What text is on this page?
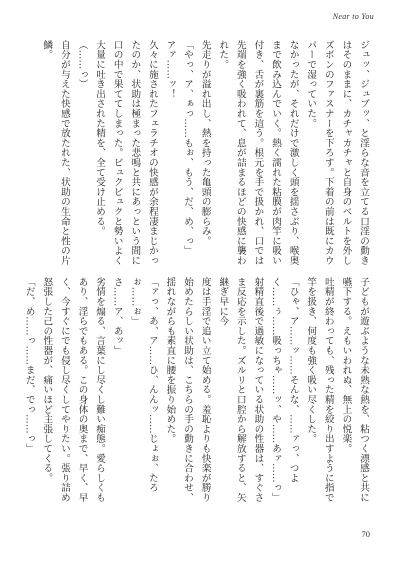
Near to You

ジュッ、ジュブッ、と淫らな音を立てる口淫の動きはそのままに、カチャカチャと自身のベルトを外しズボンのファスナーを下ろす。下着の前は既にカウパーで湿っていた。

なかったが、それだけで激しく頭を揺さぶり、喉奥まで飲み込んでいく。熱く濡れた粘膜が肉竿に吸い付き、舌が裏筋を這う。根元を手で扱かれ、口では先端を強く吸われて、息が詰まるほどの快感に襲われた。

先走りが溢れ出し、熱を持った亀頭の膨らみ。

「やっ、ア、ぁっ……もぉ、もう、だ、め、っ」

アァ……ッ！

久々に施されたフェラチオの快感が余程凄まじかったのか、状助は極まった悲鳴と共にあっという間に口の中で果ててしまった。ビュクビュクと勢いよく大量に吐き出された精を、全て受け止める。

（……っ）

自分が与えた快感で放たれた、状助の生命と性の片鱗。

子どもが遊ぶような未熟な熱を、粘つく漂感と共に嚥下する。えもいわれぬ、無上の悦楽。

吐精が終わっても、残った精を絞り出すように指で竿を扱き、何度も強く吸い尽くした。

「ひゃ、ア……ッ……そんな、……ァっ、つよく……ぅ……吸っちゃ……ッ、や……あァ……っ」

射精直後で過敏になっている状助の性器は、すぐさま反応を示した。ズルリと口腔から解放すると、矢継ぎ早に今

度は手淫で追い立て始める。羞恥よりも快楽が勝り始めたらしい状助は、こちらの手の動きに合わせ、揺れながらも素直に腰を振り始めた。

「ァっ、あ、ア……ひ、んんッ……じょぉ、たろぉ……ぉ」

さ……ア、あッ」

劣情を煽る、言葉にし尽くし難い痴態。愛らしくもあり、淫らでもある。この身体の奥まで、早く、早く、今すぐにでも侵し尽くしてやりたい。張り詰め怒張した己の性器が、痛いほど主張してくる。

「だ、め……っ……まだ、でっ……っ」

70
